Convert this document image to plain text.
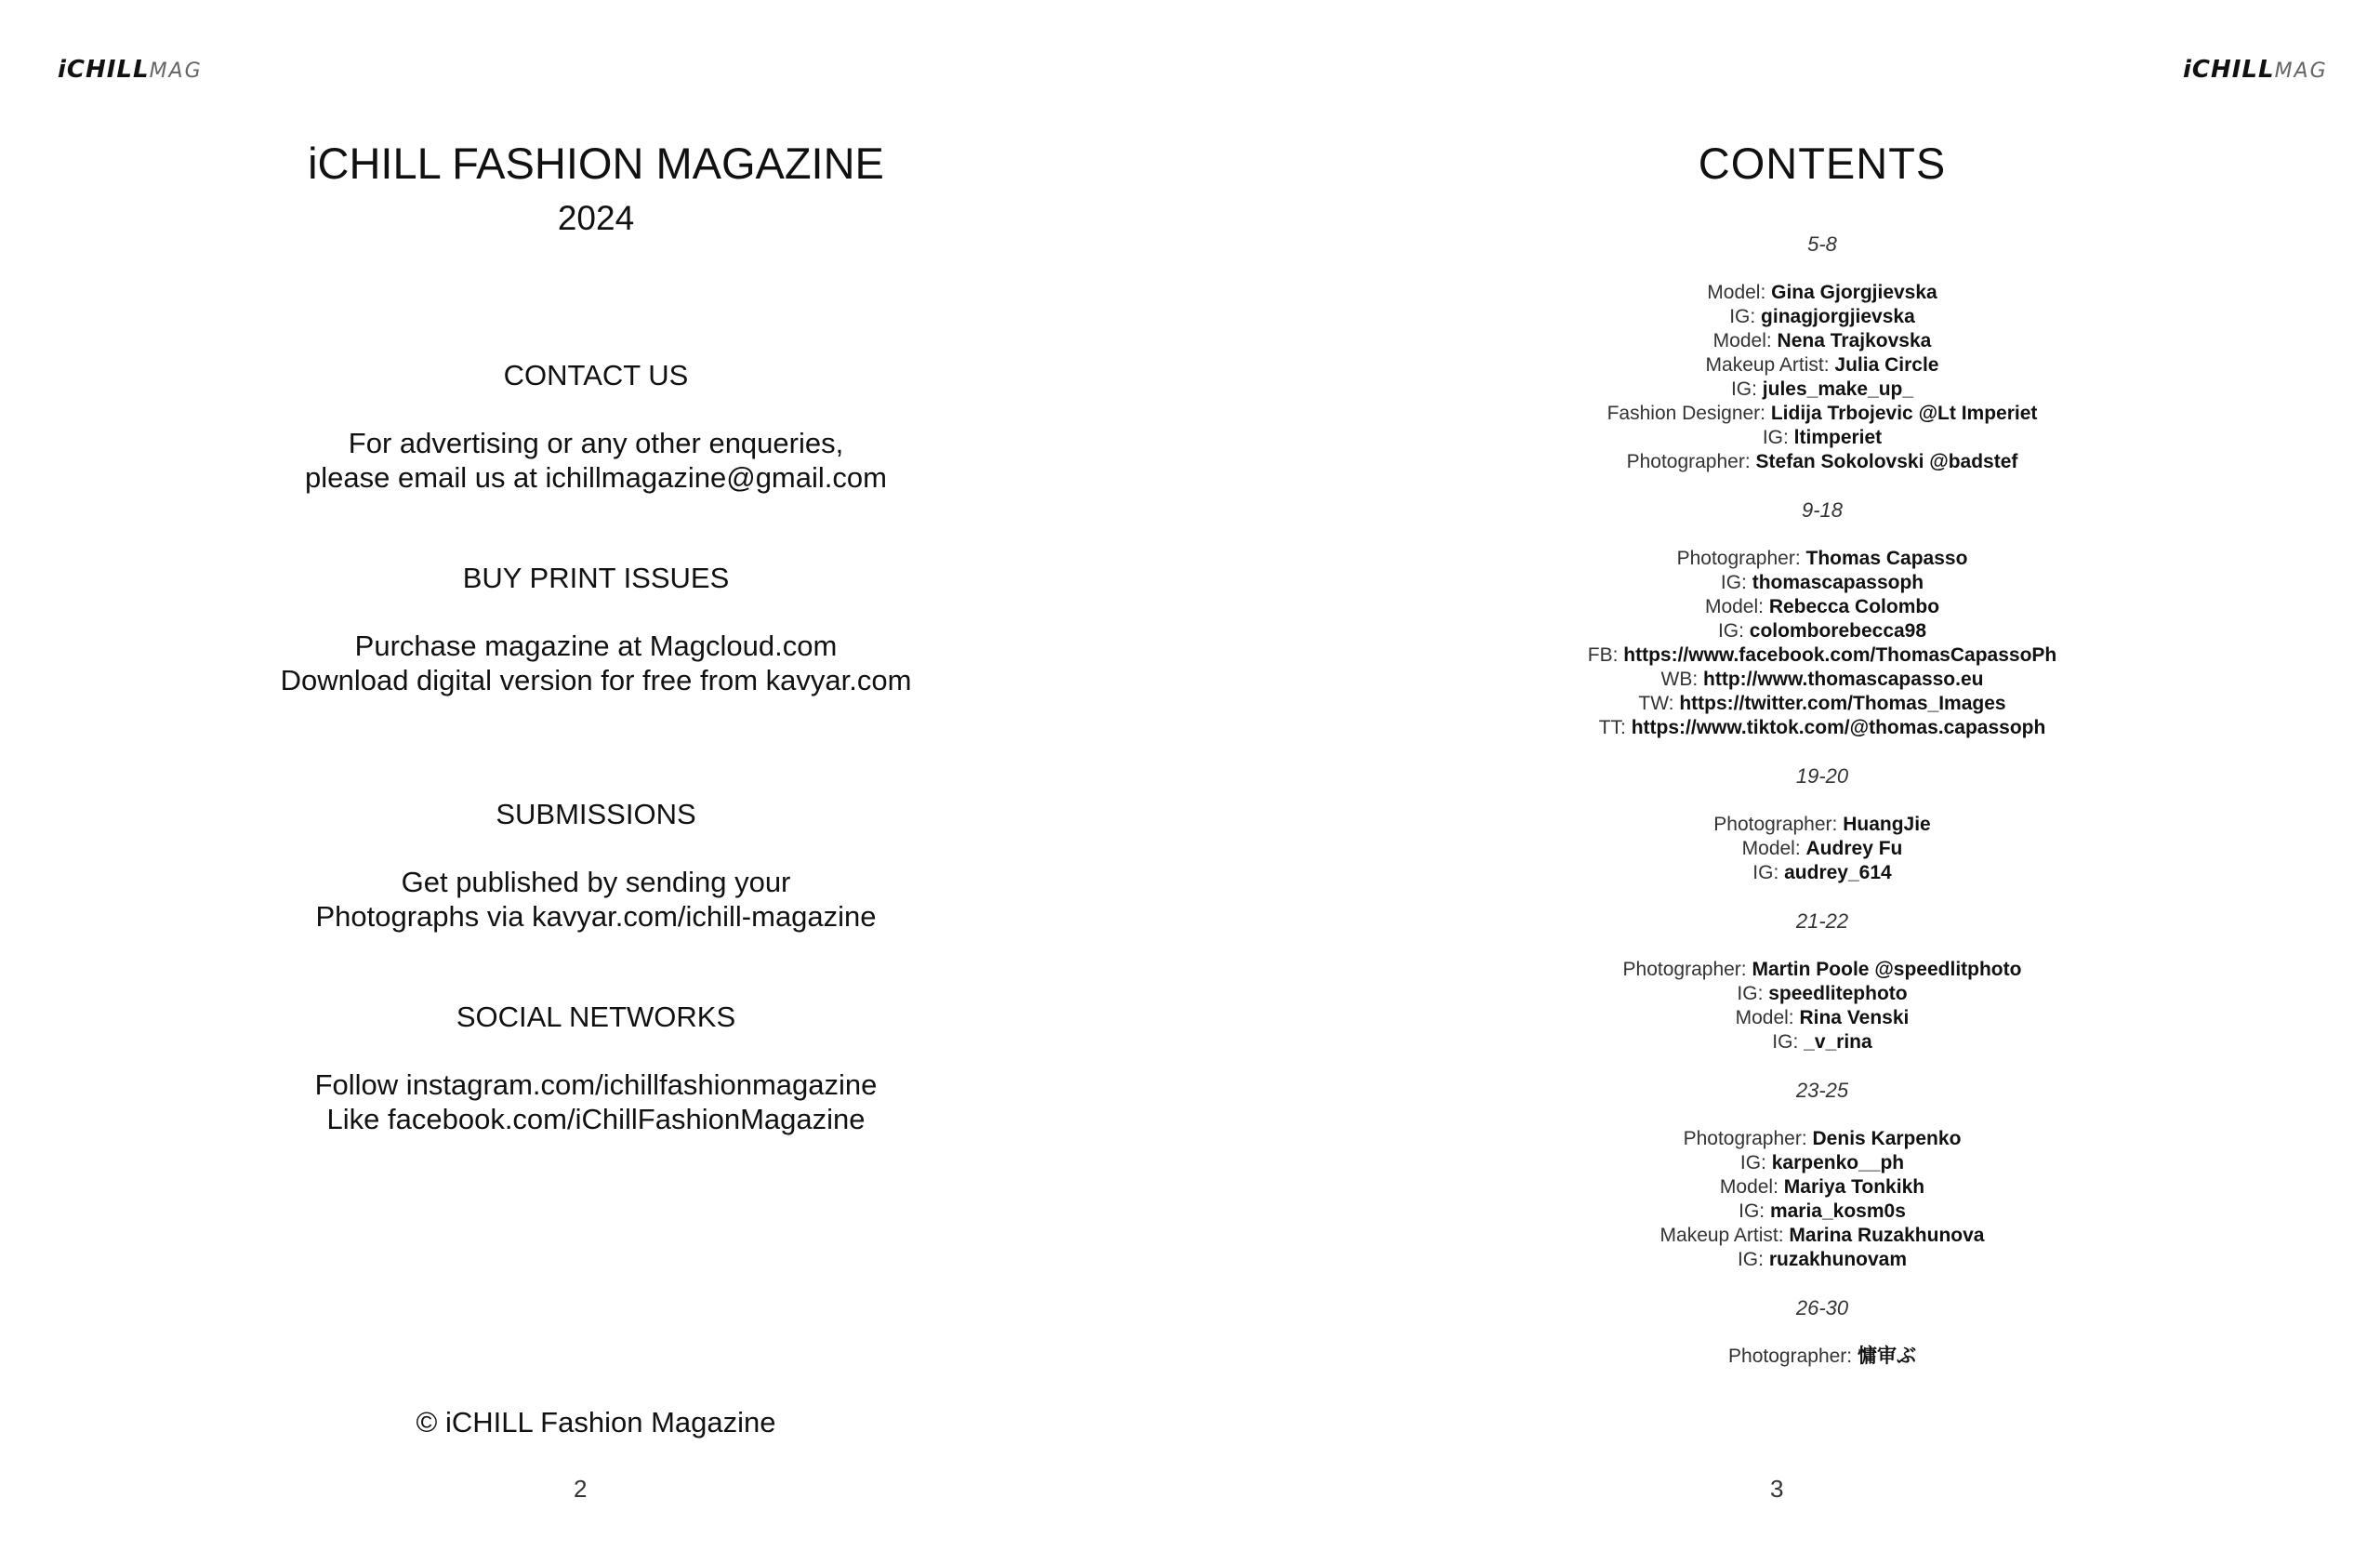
iCHILLMAG
iCHILL FASHION MAGAZINE
2024
CONTACT US
For advertising or any other enqueries,
please email us at ichillmagazine@gmail.com
BUY PRINT ISSUES
Purchase magazine at Magcloud.com
Download digital version for free from kavyar.com
SUBMISSIONS
Get published by sending your
Photographs via kavyar.com/ichill-magazine
SOCIAL NETWORKS
Follow instagram.com/ichillfashionmagazine
Like facebook.com/iChillFashionMagazine
© iCHILL Fashion Magazine
2
iCHILLMAG
CONTENTS
5-8
Model: Gina Gjorgjievska
IG: ginagjorgjievska
Model: Nena Trajkovska
Makeup Artist: Julia Circle
IG: jules_make_up_
Fashion Designer: Lidija Trbojevic @Lt Imperiet
IG: ltimperiet
Photographer: Stefan Sokolovski @badstef
9-18
Photographer: Thomas Capasso
IG: thomascapassoph
Model: Rebecca Colombo
IG: colomborebecca98
FB: https://www.facebook.com/ThomasCapassoPh
WB: http://www.thomascapasso.eu
TW: https://twitter.com/Thomas_Images
TT: https://www.tiktok.com/@thomas.capassoph
19-20
Photographer: HuangJie
Model: Audrey Fu
IG: audrey_614
21-22
Photographer: Martin Poole @speedlitphoto
IG: speedlitephoto
Model: Rina Venski
IG: _v_rina
23-25
Photographer: Denis Karpenko
IG: karpenko__ph
Model: Mariya Tonkikh
IG: maria_kosm0s
Makeup Artist: Marina Ruzakhunova
IG: ruzakhunovam
26-30
Photographer: 慵审ぶ
3
